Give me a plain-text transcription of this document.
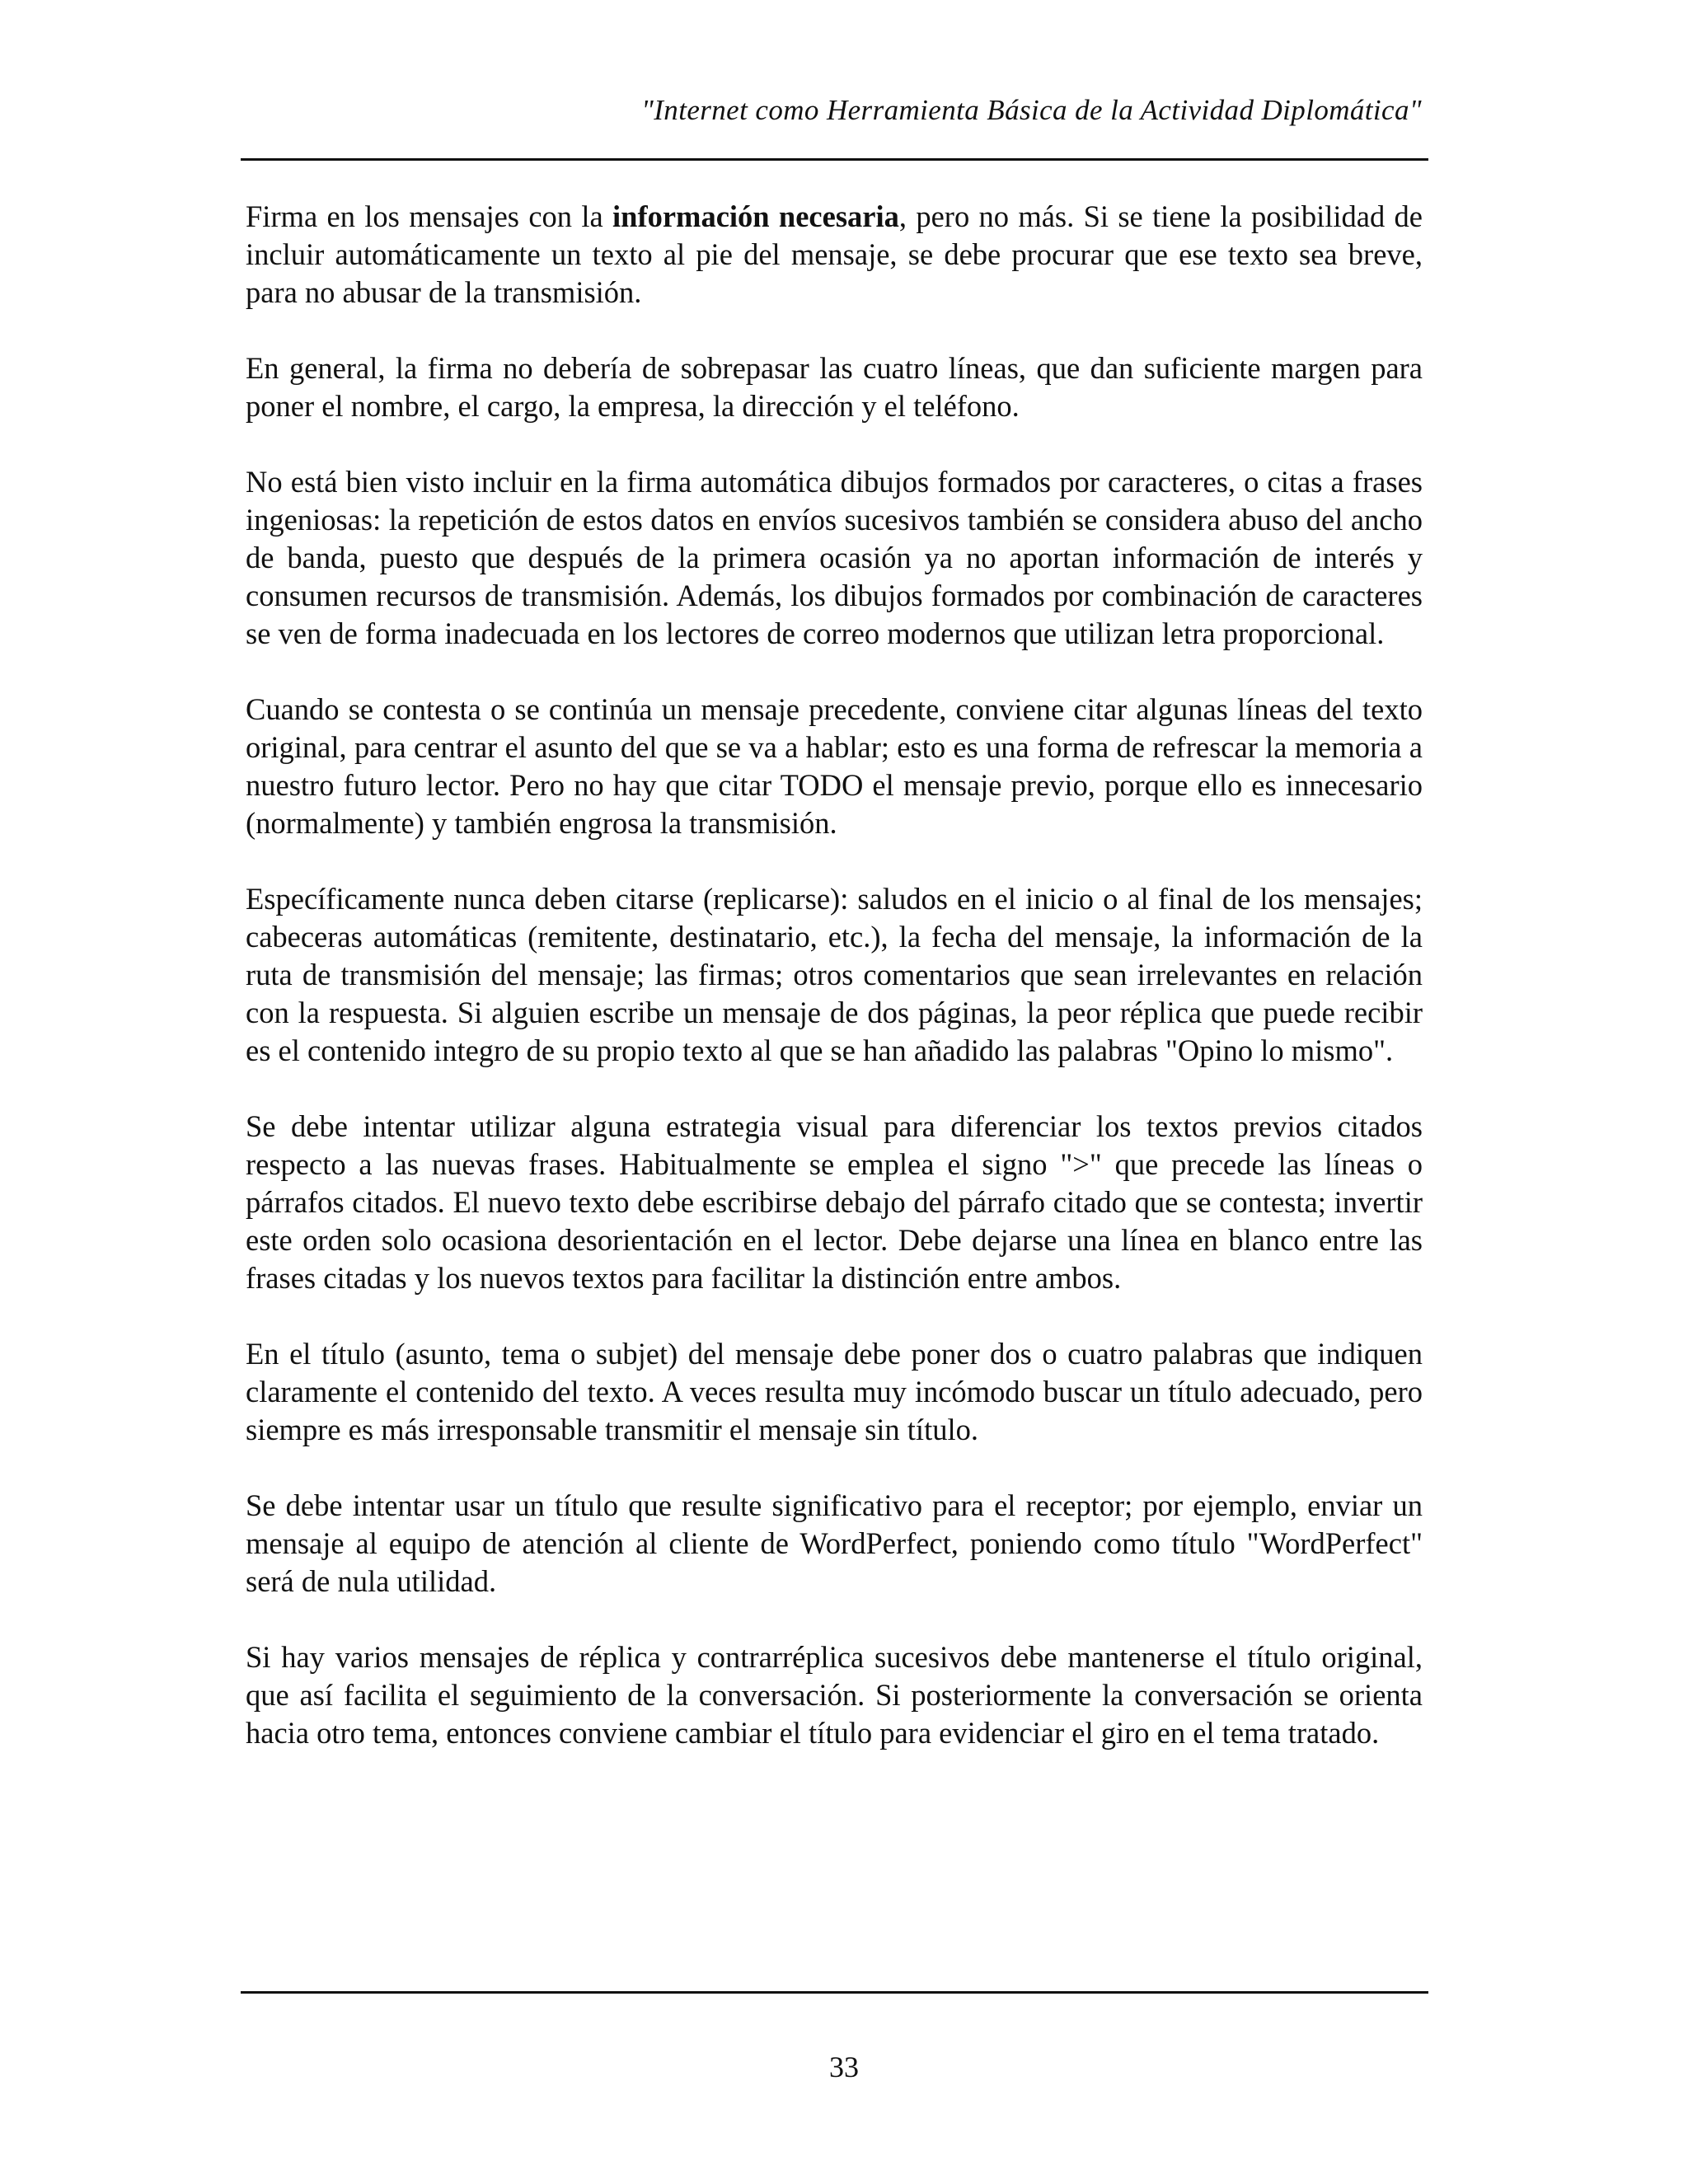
"Internet como Herramienta Básica de la Actividad Diplomática"

Firma en los mensajes con la información necesaria, pero no más. Si se tiene la posibilidad de incluir automáticamente un texto al pie del mensaje, se debe procurar que ese texto sea breve, para no abusar de la transmisión.

En general, la firma no debería de sobrepasar las cuatro líneas, que dan suficiente margen para poner el nombre, el cargo, la empresa, la dirección y el teléfono.

No está bien visto incluir en la firma automática dibujos formados por caracteres, o citas a frases ingeniosas: la repetición de estos datos en envíos sucesivos también se considera abuso del ancho de banda, puesto que después de la primera ocasión ya no aportan información de interés y consumen recursos de transmisión. Además, los dibujos formados por combinación de caracteres se ven de forma inadecuada en los lectores de correo modernos que utilizan letra proporcional.

Cuando se contesta o se continúa un mensaje precedente, conviene citar algunas líneas del texto original, para centrar el asunto del que se va a hablar; esto es una forma de refrescar la memoria a nuestro futuro lector. Pero no hay que citar TODO el mensaje previo, porque ello es innecesario (normalmente) y también engrosa la transmisión.

Específicamente nunca deben citarse (replicarse): saludos en el inicio o al final de los mensajes; cabeceras automáticas (remitente, destinatario, etc.), la fecha del mensaje, la información de la ruta de transmisión del mensaje; las firmas; otros comentarios que sean irrelevantes en relación con la respuesta. Si alguien escribe un mensaje de dos páginas, la peor réplica que puede recibir es el contenido integro de su propio texto al que se han añadido las palabras "Opino lo mismo".

Se debe intentar utilizar alguna estrategia visual para diferenciar los textos previos citados respecto a las nuevas frases. Habitualmente se emplea el signo ">" que precede las líneas o párrafos citados. El nuevo texto debe escribirse debajo del párrafo citado que se contesta; invertir este orden solo ocasiona desorientación en el lector. Debe dejarse una línea en blanco entre las frases citadas y los nuevos textos para facilitar la distinción entre ambos.

En el título (asunto, tema o subjet) del mensaje debe poner dos o cuatro palabras que indiquen claramente el contenido del texto. A veces resulta muy incómodo buscar un título adecuado, pero siempre es más irresponsable transmitir el mensaje sin título.

Se debe intentar usar un título que resulte significativo para el receptor; por ejemplo, enviar un mensaje al equipo de atención al cliente de WordPerfect, poniendo como título "WordPerfect" será de nula utilidad.

Si hay varios mensajes de réplica y contrarréplica sucesivos debe mantenerse el título original, que así facilita el seguimiento de la conversación. Si posteriormente la conversación se orienta hacia otro tema, entonces conviene cambiar el título para evidenciar el giro en el tema tratado.

33
